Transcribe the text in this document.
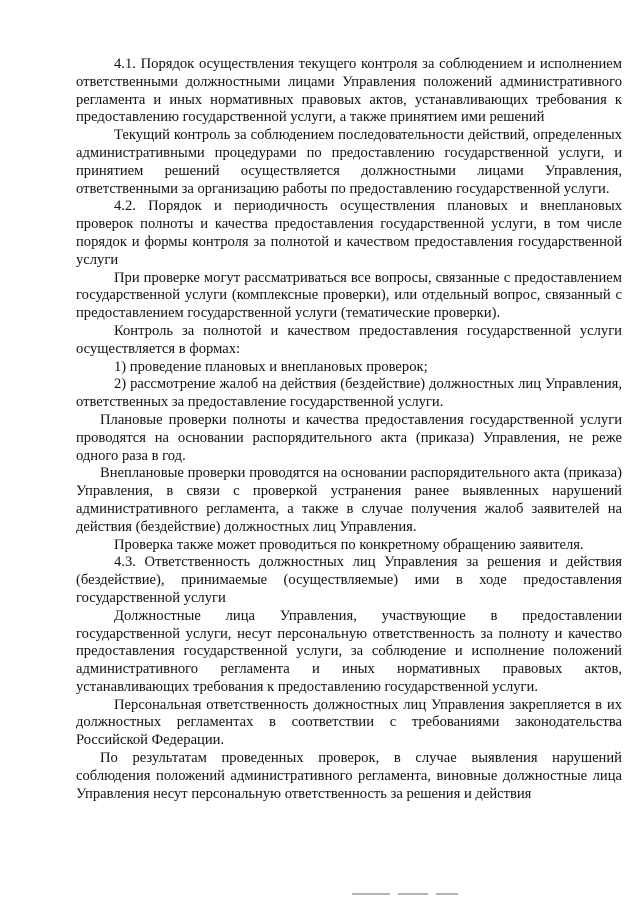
4.1. Порядок осуществления текущего контроля за соблюдением и исполнением ответственными должностными лицами Управления положений административного регламента и иных нормативных правовых актов, устанавливающих требования к предоставлению государственной услуги, а также принятием ими решений

Текущий контроль за соблюдением последовательности действий, определенных административными процедурами по предоставлению государственной услуги, и принятием решений осуществляется должностными лицами Управления, ответственными за организацию работы по предоставлению государственной услуги.

4.2. Порядок и периодичность осуществления плановых и внеплановых проверок полноты и качества предоставления государственной услуги, в том числе порядок и формы контроля за полнотой и качеством предоставления государственной услуги

При проверке могут рассматриваться все вопросы, связанные с предоставлением государственной услуги (комплексные проверки), или отдельный вопрос, связанный с предоставлением государственной услуги (тематические проверки).

Контроль за полнотой и качеством предоставления государственной услуги осуществляется в формах:

1) проведение плановых и внеплановых проверок;

2) рассмотрение жалоб на действия (бездействие) должностных лиц Управления, ответственных за предоставление государственной услуги.

Плановые проверки полноты и качества предоставления государственной услуги проводятся на основании распорядительного акта (приказа) Управления, не реже одного раза в год.

Внеплановые проверки проводятся на основании распорядительного акта (приказа) Управления, в связи с проверкой устранения ранее выявленных нарушений административного регламента, а также в случае получения жалоб заявителей на действия (бездействие) должностных лиц Управления.

Проверка также может проводиться по конкретному обращению заявителя.

4.3. Ответственность должностных лиц Управления за решения и действия (бездействие), принимаемые (осуществляемые) ими в ходе предоставления государственной услуги

Должностные лица Управления, участвующие в предоставлении государственной услуги, несут персональную ответственность за полноту и качество предоставления государственной услуги, за соблюдение и исполнение положений административного регламента и иных нормативных правовых актов, устанавливающих требования к предоставлению государственной услуги.

Персональная ответственность должностных лиц Управления закрепляется в их должностных регламентах в соответствии с требованиями законодательства Российской Федерации.

По результатам проведенных проверок, в случае выявления нарушений соблюдения положений административного регламента, виновные должностные лица Управления несут персональную ответственность за решения и действия
